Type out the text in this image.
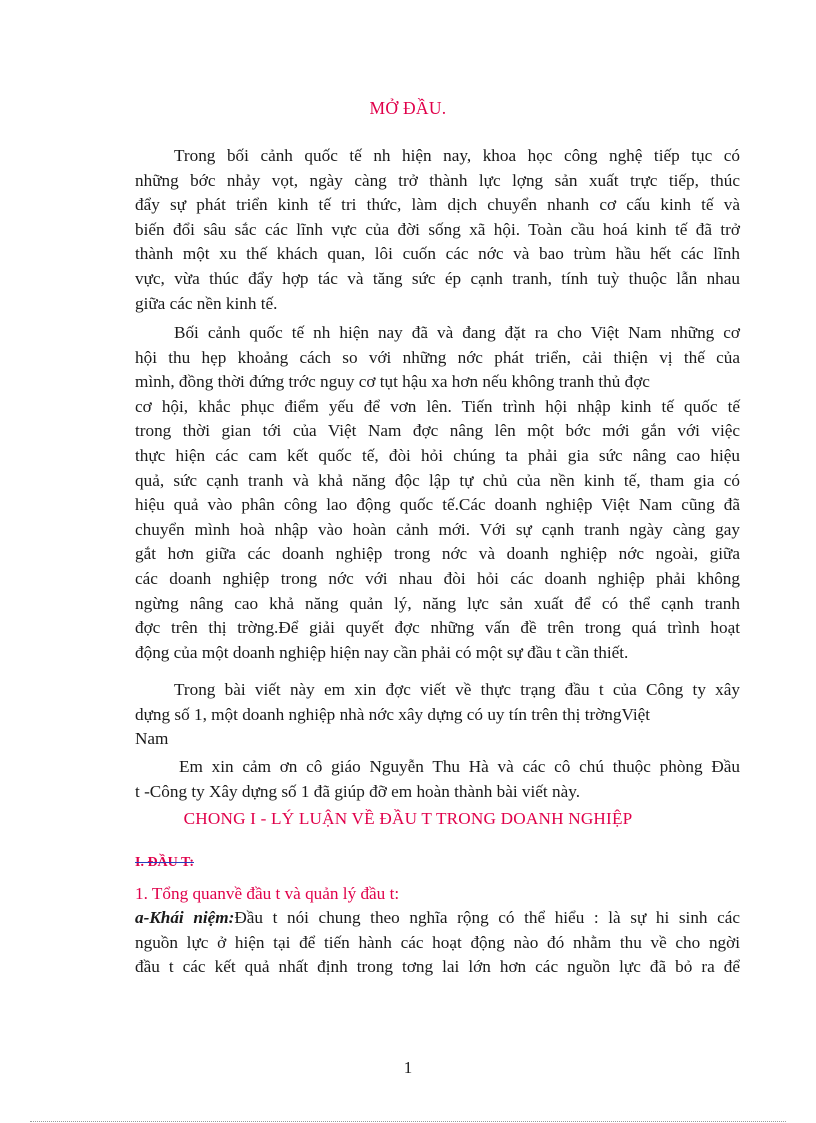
MỞ ĐẦU.
Trong bối cảnh quốc tế nh hiện nay, khoa học công nghệ tiếp tục có
những bớc nhảy vọt, ngày càng trở thành lực lợng sản xuất trực tiếp, thúc
đẩy sự phát triển kinh tế tri thức, làm dịch chuyển nhanh cơ cấu kinh tế và
biến đổi sâu sắc các lĩnh vực của đời sống xã hội. Toàn cầu hoá kinh tế đã trở
thành một xu thế khách quan, lôi cuốn các nớc và bao trùm hầu hết các lĩnh
vực, vừa thúc đẩy hợp tác và tăng sức ép cạnh tranh, tính tuỳ thuộc lẫn nhau
giữa các nền kinh tế.
Bối cảnh quốc tế nh hiện nay đã và đang đặt ra cho Việt Nam những cơ
hội thu hẹp khoảng cách so với những nớc phát triển, cải thiện vị thế của
mình, đồng thời đứng trớc nguy cơ tụt hậu xa hơn nếu không tranh thủ đợc
cơ hội, khắc phục điểm yếu để vơn lên. Tiến trình hội nhập kinh tế quốc tế
trong thời gian tới của Việt Nam đợc nâng lên một bớc mới gắn với việc
thực hiện các cam kết quốc tế, đòi hỏi chúng ta phải gia sức nâng cao hiệu
quả, sức cạnh tranh và khả năng độc lập tự chủ của nền kinh tế, tham gia có
hiệu quả vào phân công lao động quốc tế.Các doanh nghiệp Việt Nam cũng đã
chuyển mình hoà nhập vào hoàn cảnh mới. Với sự cạnh tranh ngày càng gay
gắt hơn giữa các doanh nghiệp trong nớc và doanh nghiệp nớc ngoài, giữa
các doanh nghiệp trong nớc với nhau đòi hỏi các doanh nghiệp phải không
ngừng nâng cao khả năng quản lý, năng lực sản xuất để có thể cạnh tranh
đợc trên thị trờng.Để giải quyết đợc những vấn đề trên trong quá trình hoạt
động của một doanh nghiệp hiện nay cần phải có một sự đầu t cần thiết.
Trong bài viết này em xin đợc viết về thực trạng đầu t của Công ty xây
dựng số 1, một doanh nghiệp nhà nớc xây dựng có uy tín trên thị trờngViệt
Nam
Em xin cảm ơn cô giáo Nguyễn Thu Hà và các cô chú thuộc phòng Đầu
t -Công ty Xây dựng số 1 đã giúp đỡ em hoàn thành bài viết này.
CHONG I - LÝ LUẬN VỀ ĐẦU T TRONG DOANH NGHIỆP
I. ĐẦU T:
1. Tổng quanvề đầu t và quản lý đầu t:
a-Khái niệm:Đầu t nói chung theo nghĩa rộng có thể hiểu : là sự hi sinh các
nguồn lực ở hiện tại để tiến hành các hoạt động nào đó nhằm thu về cho ngời
đầu t các kết quả nhất định trong tơng lai lớn hơn các nguồn lực đã bỏ ra để
1
